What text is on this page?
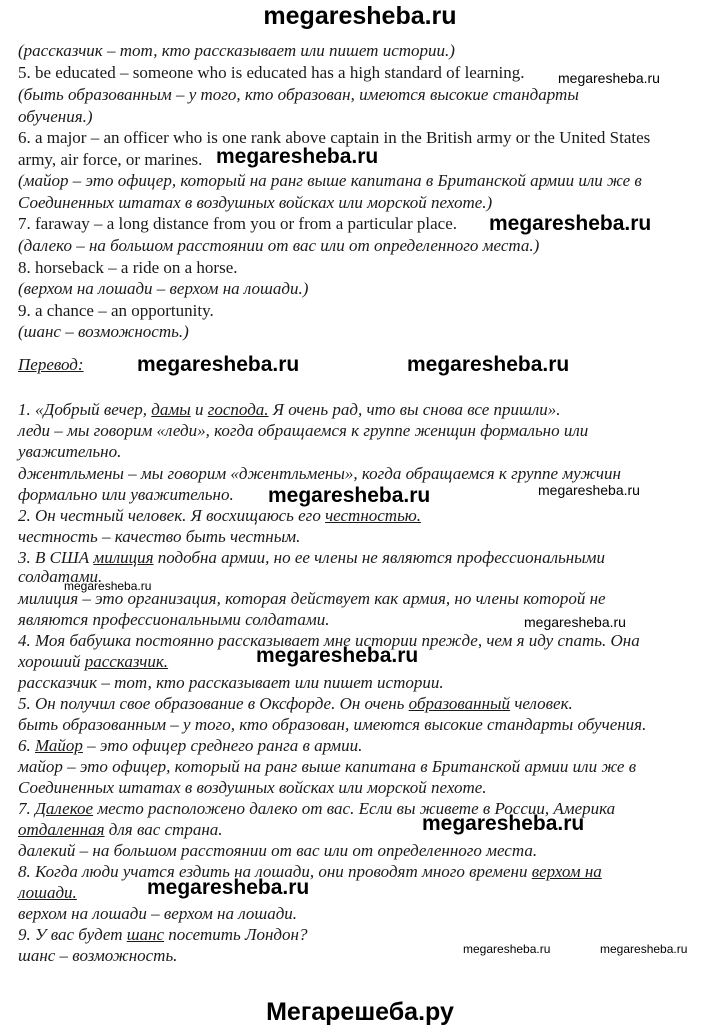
megaresheba.ru
(рассказчик – тот, кто рассказывает или пишет истории.)
5. be educated – someone who is educated has a high standard of learning.
(быть образованным – у того, кто образован, имеются высокие стандарты
обучения.)
6. a major – an officer who is one rank above captain in the British army or the United States
army, air force, or marines.
(майор – это офицер, который на ранг выше капитана в Британской армии или же в
Соединенных штатах в воздушных войсках или морской пехоте.)
7. faraway – a long distance from you or from a particular place.
(далеко – на большом расстоянии от вас или от определенного места.)
8. horseback – a ride on a horse.
(верхом на лошади – верхом на лошади.)
9. a chance – an opportunity.
(шанс – возможность.)
Перевод:
1. «Добрый вечер, дамы и господа. Я очень рад, что вы снова все пришли».
леди – мы говорим «леди», когда обращаемся к группе женщин формально или
уважительно.
джентльмены – мы говорим «джентльмены», когда обращаемся к группе мужчин
формально или уважительно.
2. Он честный человек. Я восхищаюсь его честностью.
честность – качество быть честным.
3. В США милиция подобна армии, но ее члены не являются профессиональными
солдатами.
милиция – это организация, которая действует как армия, но члены которой не
являются профессиональными солдатами.
4. Моя бабушка постоянно рассказывает мне истории прежде, чем я иду спать. Она
хороший рассказчик.
рассказчик – тот, кто рассказывает или пишет истории.
5. Он получил свое образование в Оксфорде. Он очень образованный человек.
быть образованным – у того, кто образован, имеются высокие стандарты обучения.
6. Майор – это офицер среднего ранга в армии.
майор – это офицер, который на ранг выше капитана в Британской армии или же в
Соединенных штатах в воздушных войсках или морской пехоте.
7. Далекое место расположено далеко от вас. Если вы живете в России, Америка
отдаленная для вас страна.
далекий – на большом расстоянии от вас или от определенного места.
8. Когда люди учатся ездить на лошади, они проводят много времени верхом на
лошади.
верхом на лошади – верхом на лошади.
9. У вас будет шанс посетить Лондон?
шанс – возможность.
megaresheba.ru
megaresheba.ru
megaresheba.ru
megaresheba.ru	megaresheba.ru
megaresheba.ru	megaresheba.ru
megaresheba.ru
megaresheba.ru
megaresheba.ru
megaresheba.ru
megaresheba.ru
megaresheba.ru	megaresheba.ru
Мегарешеба.ру
